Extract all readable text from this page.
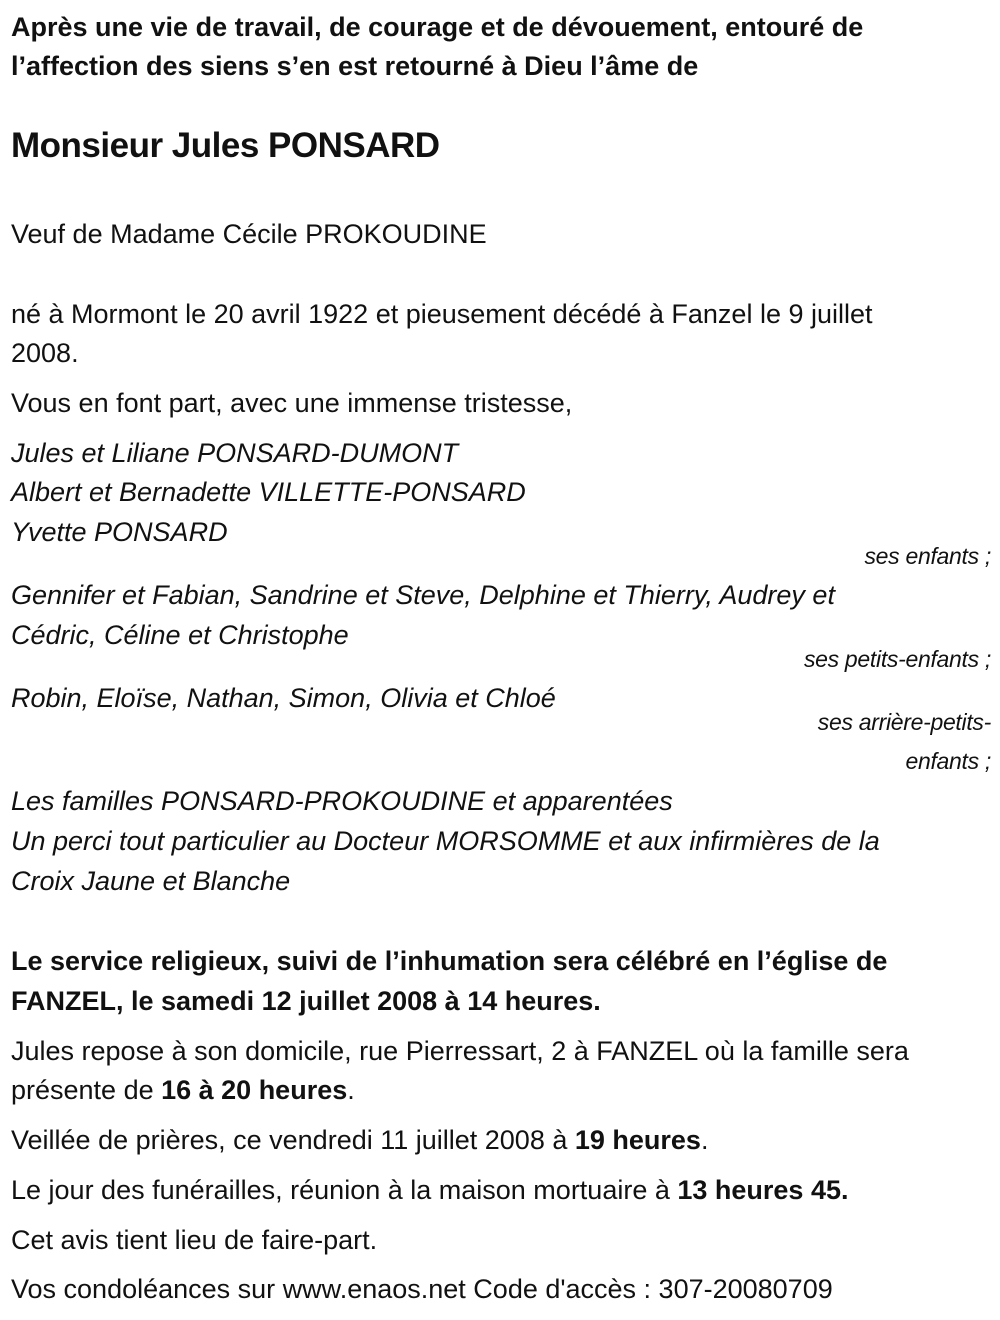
Après une vie de travail, de courage et de dévouement, entouré de
l’affection des siens s’en est retourné à Dieu l’âme de
Monsieur Jules PONSARD
Veuf de Madame Cécile PROKOUDINE
né à Mormont le 20 avril 1922 et pieusement décédé à Fanzel le 9 juillet
2008.
Vous en font part, avec une immense tristesse,
Jules et Liliane PONSARD-DUMONT
Albert et Bernadette VILLETTE-PONSARD
Yvette PONSARD
ses enfants ;
Gennifer et Fabian, Sandrine et Steve, Delphine et Thierry, Audrey et
Cédric, Céline et Christophe
ses petits-enfants ;
Robin, Eloïse, Nathan, Simon, Olivia et Chloé
ses arrière-petits-
enfants ;
Les familles PONSARD-PROKOUDINE et apparentées
Un perci tout particulier au Docteur MORSOMME et aux infirmières de la
Croix Jaune et Blanche
Le service religieux, suivi de l’inhumation sera célébré en l’église de
FANZEL, le samedi 12 juillet 2008 à 14 heures.
Jules repose à son domicile, rue Pierressart, 2 à FANZEL où la famille sera
présente de 16 à 20 heures.
Veillée de prières, ce vendredi 11 juillet 2008 à 19 heures.
Le jour des funérailles, réunion à la maison mortuaire à 13 heures 45.
Cet avis tient lieu de faire-part.
Vos condoléances sur www.enaos.net Code d'accès : 307-20080709
